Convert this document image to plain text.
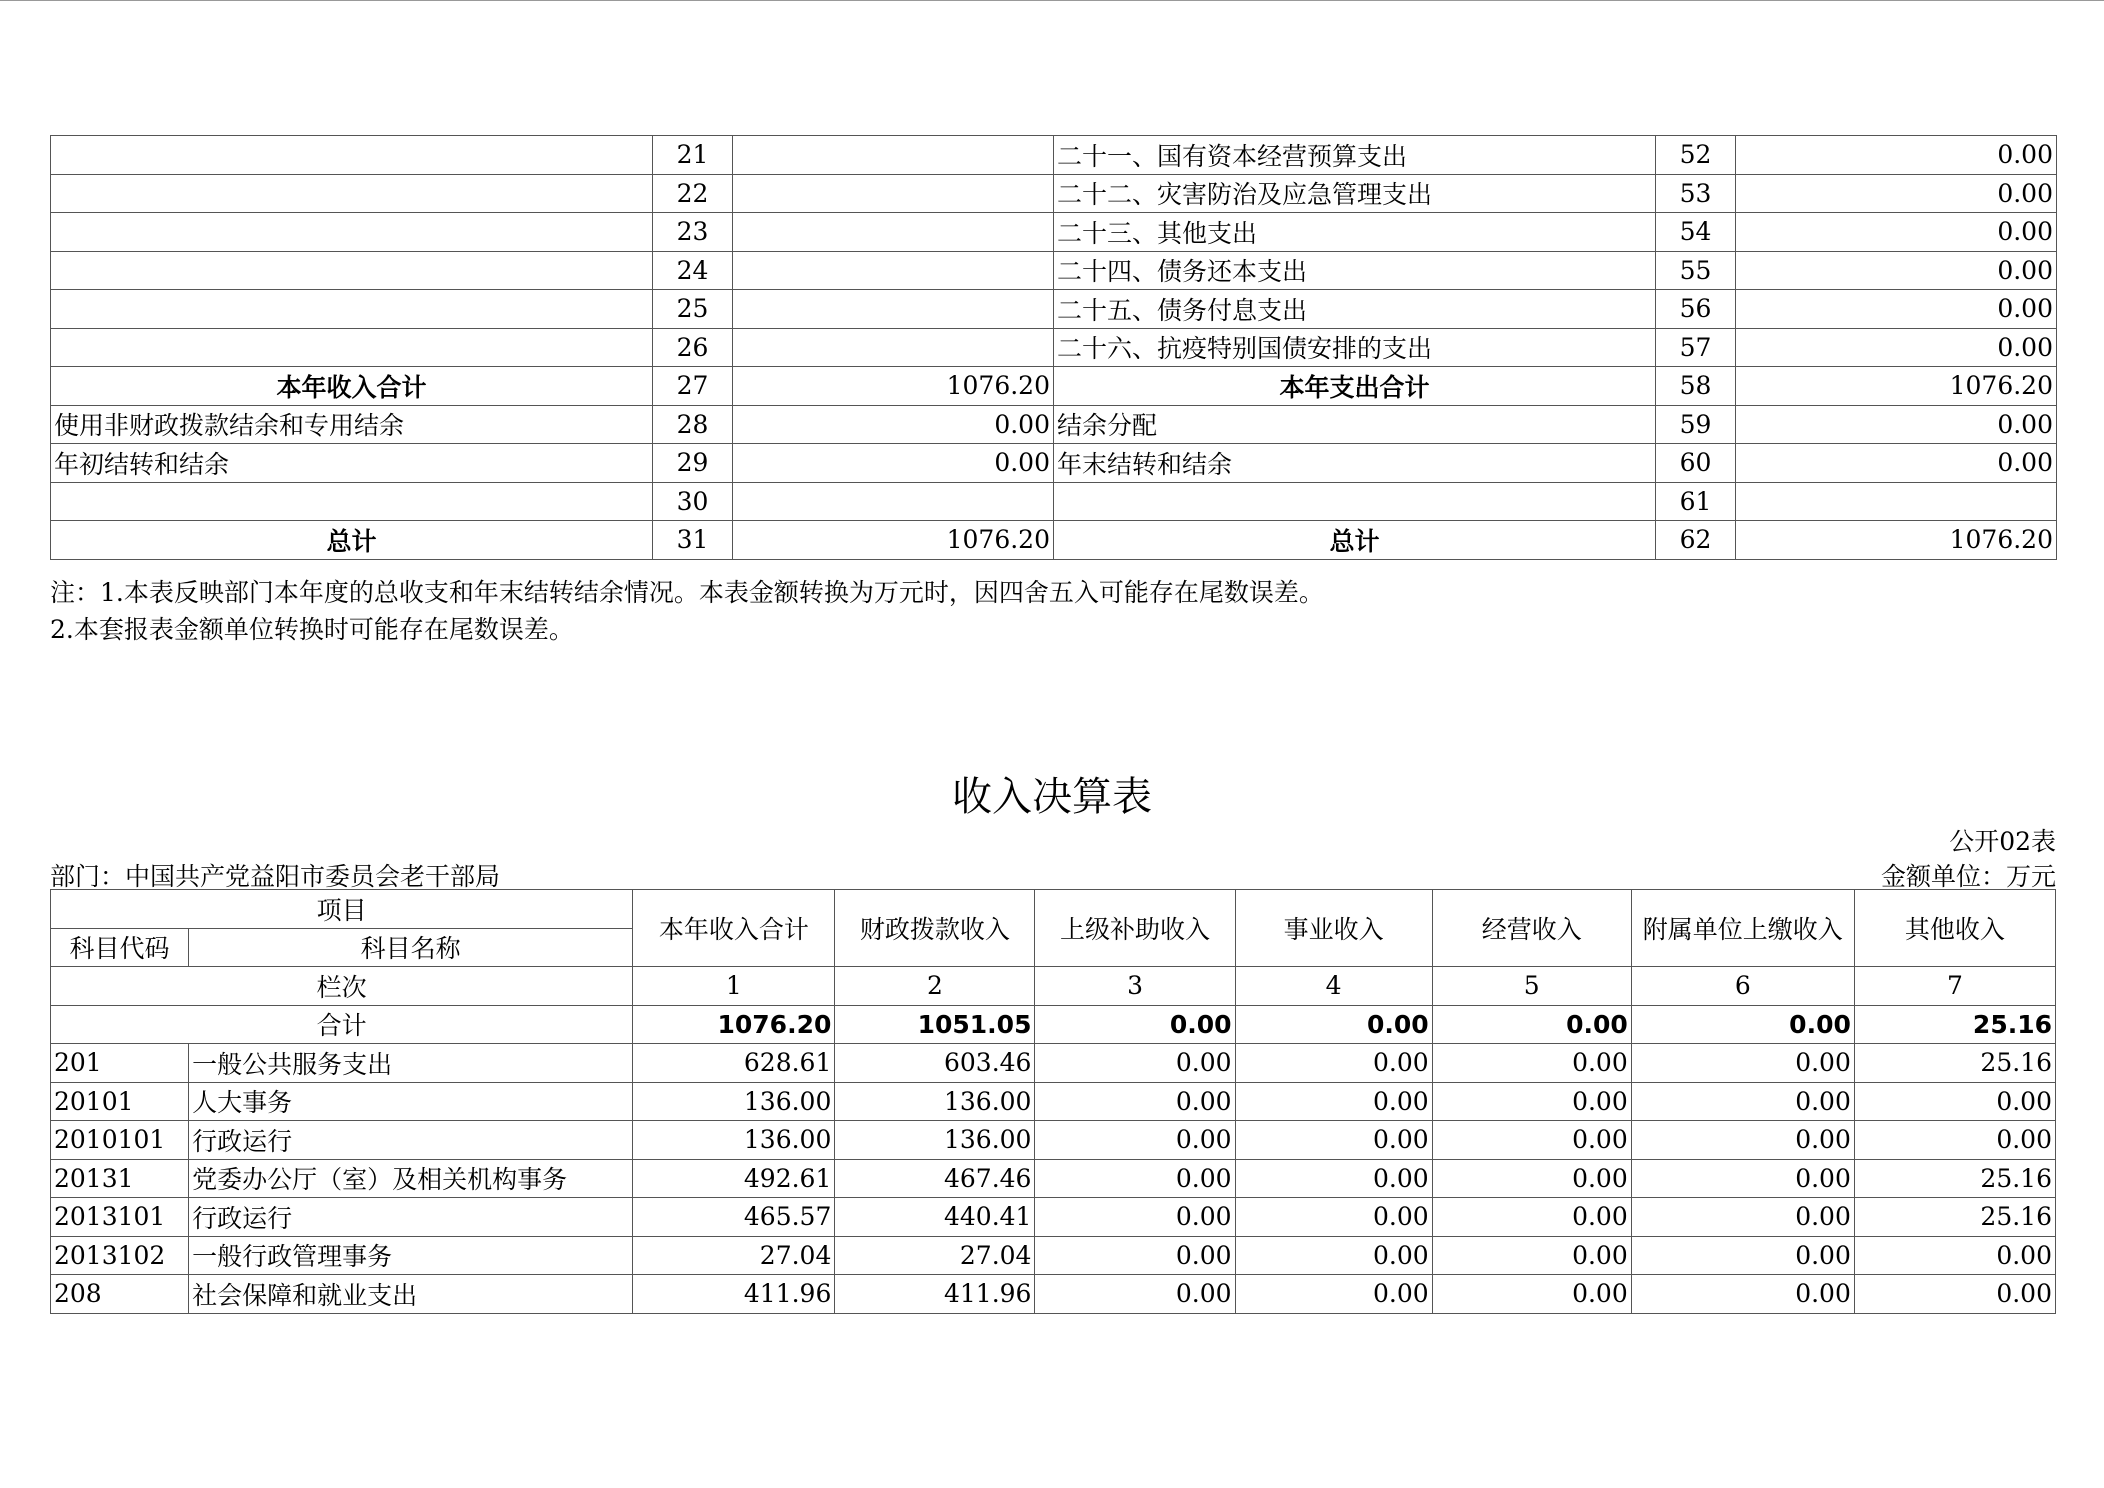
	21		二十一、国有资本经营预算支出	52	0.00
	22		二十二、灾害防治及应急管理支出	53	0.00
	23		二十三、其他支出	54	0.00
	24		二十四、债务还本支出	55	0.00
	25		二十五、债务付息支出	56	0.00
	26		二十六、抗疫特别国债安排的支出	57	0.00
本年收入合计	27	1076.20	本年支出合计	58	1076.20
使用非财政拨款结余和专用结余	28	0.00	结余分配	59	0.00
年初结转和结余	29	0.00	年末结转和结余	60	0.00
	30			61	
总计	31	1076.20	总计	62	1076.20
注：1.本表反映部门本年度的总收支和年末结转结余情况。本表金额转换为万元时，因四舍五入可能存在尾数误差。
2.本套报表金额单位转换时可能存在尾数误差。
收入决算表
公开02表
部门：中国共产党益阳市委员会老干部局	金额单位：万元
项目		本年收入合计	财政拨款收入	上级补助收入	事业收入	经营收入	附属单位上缴收入	其他收入
科目代码	科目名称							
栏次		1	2	3	4	5	6	7
合计		1076.20	1051.05	0.00	0.00	0.00	0.00	25.16
201	一般公共服务支出	628.61	603.46	0.00	0.00	0.00	0.00	25.16
20101	人大事务	136.00	136.00	0.00	0.00	0.00	0.00	0.00
2010101	行政运行	136.00	136.00	0.00	0.00	0.00	0.00	0.00
20131	党委办公厅（室）及相关机构事务	492.61	467.46	0.00	0.00	0.00	0.00	25.16
2013101	行政运行	465.57	440.41	0.00	0.00	0.00	0.00	25.16
2013102	一般行政管理事务	27.04	27.04	0.00	0.00	0.00	0.00	0.00
208	社会保障和就业支出	411.96	411.96	0.00	0.00	0.00	0.00	0.00
